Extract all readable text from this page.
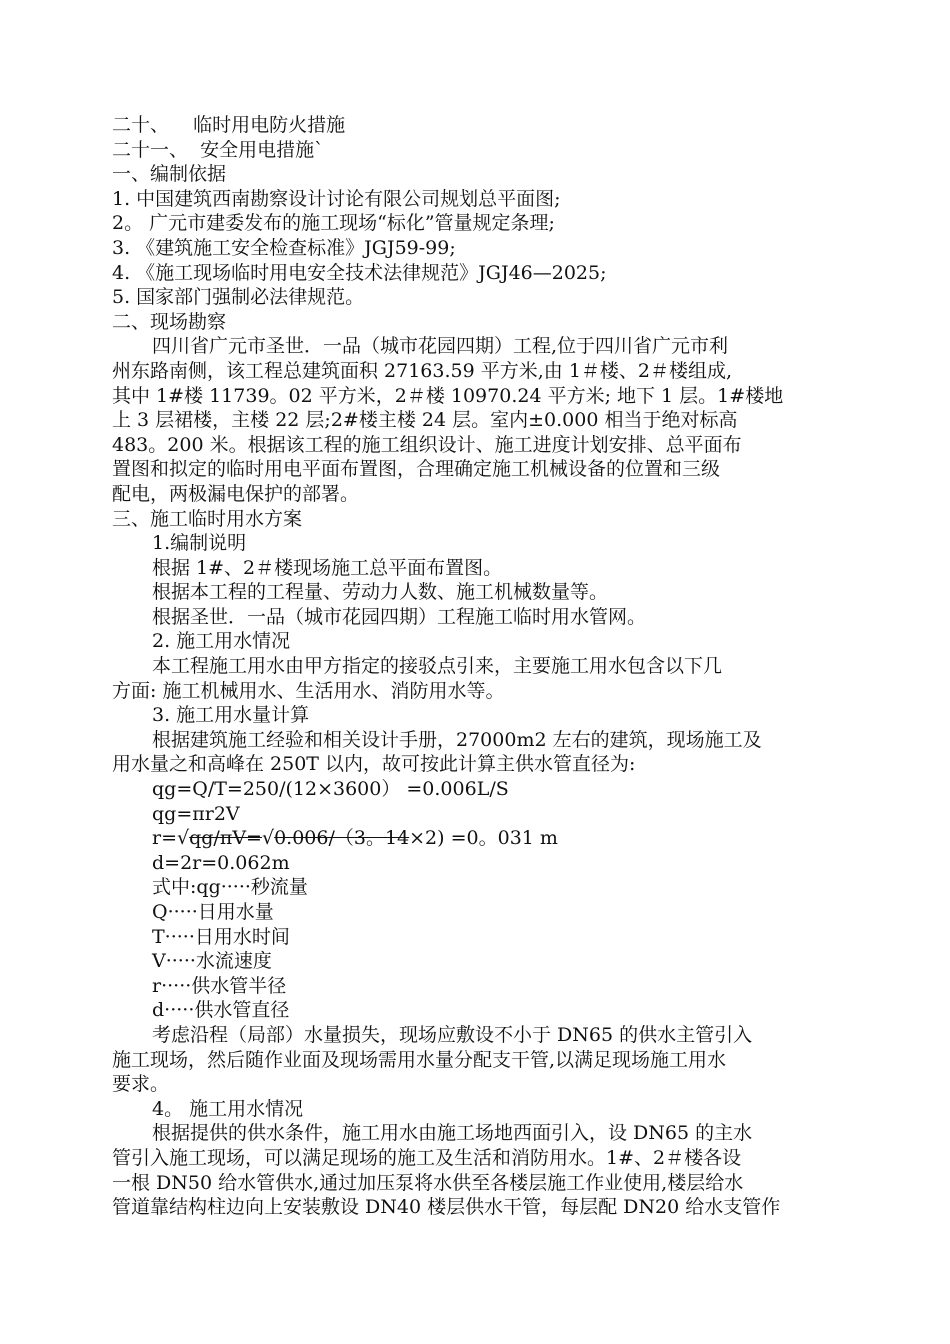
二十、    临时用电防火措施
二十一、  安全用电措施`
一、编制依据
1. 中国建筑西南勘察设计讨论有限公司规划总平面图;
2。 广元市建委发布的施工现场“标化”管量规定条理;
3. 《建筑施工安全检查标准》JGJ59-99;
4. 《施工现场临时用电安全技术法律规范》JGJ46—2025;
5. 国家部门强制必法律规范。
二、现场勘察
四川省广元市圣世．一品（城市花园四期）工程,位于四川省广元市利
州东路南侧，该工程总建筑面积 27163.59 平方米,由 1＃楼、2＃楼组成,
其中 1#楼 11739。02 平方米，2＃楼 10970.24 平方米; 地下 1 层。1#楼地
上 3 层裙楼，主楼 22 层;2#楼主楼 24 层。室内±0.000 相当于绝对标高
483。200 米。根据该工程的施工组织设计、施工进度计划安排、总平面布
置图和拟定的临时用电平面布置图，合理确定施工机械设备的位置和三级
配电，两极漏电保护的部署。
三、施工临时用水方案
1.编制说明
根据 1#、2＃楼现场施工总平面布置图。
根据本工程的工程量、劳动力人数、施工机械数量等。
根据圣世．一品（城市花园四期）工程施工临时用水管网。
2. 施工用水情况
本工程施工用水由甲方指定的接驳点引来，主要施工用水包含以下几
方面: 施工机械用水、生活用水、消防用水等。
3. 施工用水量计算
根据建筑施工经验和相关设计手册，27000m2 左右的建筑，现场施工及
用水量之和高峰在 250T 以内，故可按此计算主供水管直径为:
qg=Q/T=250/(12×3600） =0.006L/S
qg=πr2V
r=√qg/πV=√0.006/（3。14×2) =0。031 m
d=2r=0.062m
式中:qg·····秒流量
Q·····日用水量
T·····日用水时间
V·····水流速度
r·····供水管半径
d·····供水管直径
考虑沿程（局部）水量损失，现场应敷设不小于 DN65 的供水主管引入
施工现场，然后随作业面及现场需用水量分配支干管,以满足现场施工用水
要求。
4。 施工用水情况
根据提供的供水条件，施工用水由施工场地西面引入，设 DN65 的主水
管引入施工现场，可以满足现场的施工及生活和消防用水。1#、2＃楼各设
一根 DN50 给水管供水,通过加压泵将水供至各楼层施工作业使用,楼层给水
管道靠结构柱边向上安装敷设 DN40 楼层供水干管，每层配 DN20 给水支管作
